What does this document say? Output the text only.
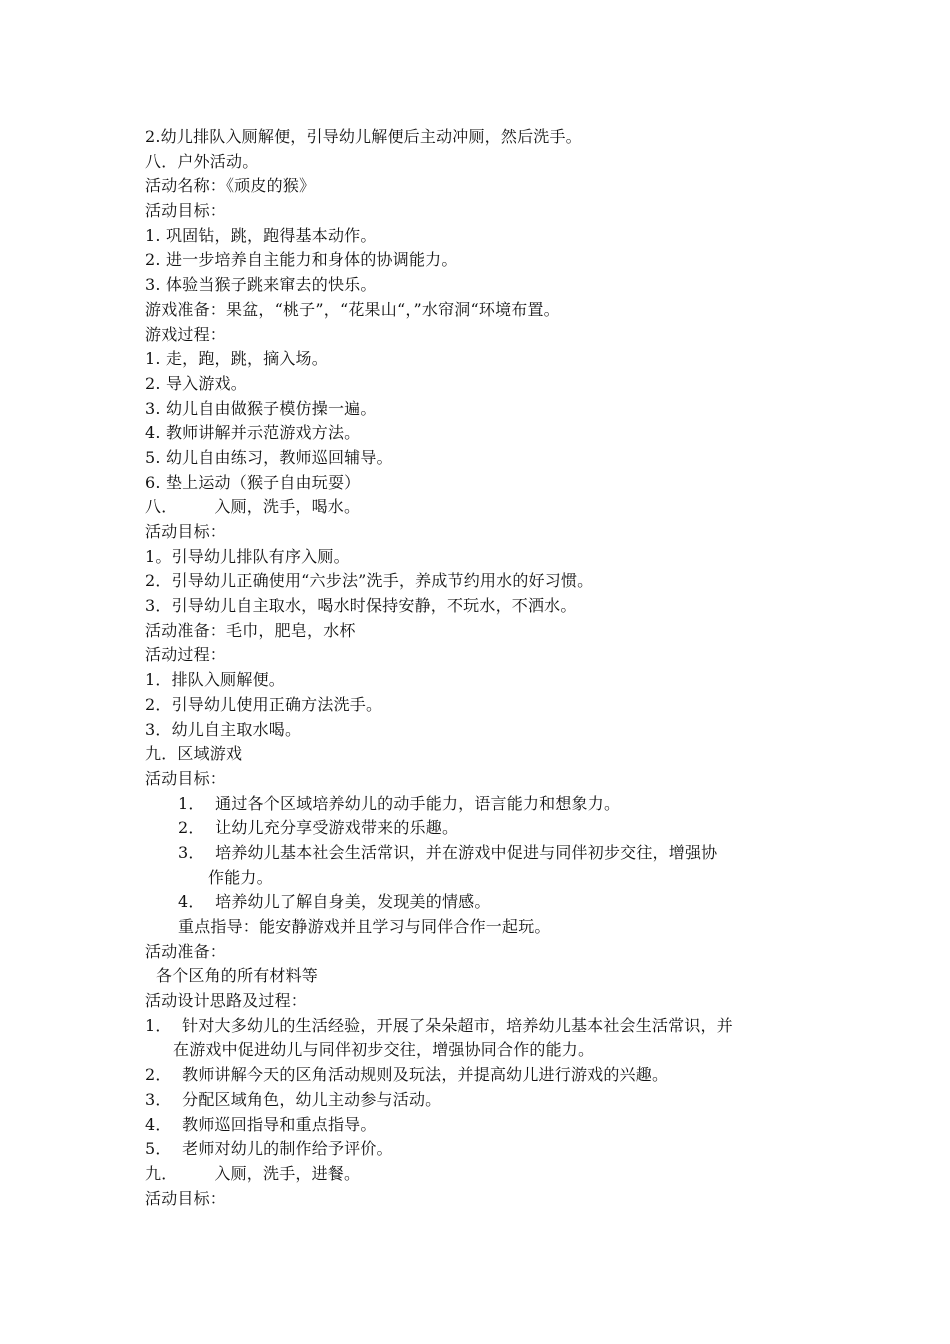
2.幼儿排队入厕解便，引导幼儿解便后主动冲厕，然后洗手。
八．户外活动。
活动名称：《顽皮的猴》
活动目标：
1. 巩固钻，跳，跑得基本动作。
2. 进一步培养自主能力和身体的协调能力。
3. 体验当猴子跳来窜去的快乐。
游戏准备：果盆，“桃子”，“花果山“，”水帘洞“环境布置。
游戏过程：
1. 走，跑，跳，摘入场。
2. 导入游戏。
3. 幼儿自由做猴子模仿操一遍。
4. 教师讲解并示范游戏方法。
5. 幼儿自由练习，教师巡回辅导。
6. 垫上运动（猴子自由玩耍）
八．       入厕，洗手，喝水。
活动目标：
1。引导幼儿排队有序入厕。
2．引导幼儿正确使用“六步法”洗手，养成节约用水的好习惯。
3．引导幼儿自主取水，喝水时保持安静，不玩水，不洒水。
活动准备：毛巾，肥皂，水杯
活动过程：
1．排队入厕解便。
2．引导幼儿使用正确方法洗手。
3．幼儿自主取水喝。
九．区域游戏
活动目标：
1．  通过各个区域培养幼儿的动手能力，语言能力和想象力。
2．  让幼儿充分享受游戏带来的乐趣。
3．  培养幼儿基本社会生活常识，并在游戏中促进与同伴初步交往，增强协
作能力。
4．  培养幼儿了解自身美，发现美的情感。
重点指导：能安静游戏并且学习与同伴合作一起玩。
活动准备：
各个区角的所有材料等
活动设计思路及过程：
1．  针对大多幼儿的生活经验，开展了朵朵超市，培养幼儿基本社会生活常识，并
在游戏中促进幼儿与同伴初步交往，增强协同合作的能力。
2．  教师讲解今天的区角活动规则及玩法，并提高幼儿进行游戏的兴趣。
3．  分配区域角色，幼儿主动参与活动。
4．  教师巡回指导和重点指导。
5．  老师对幼儿的制作给予评价。
九．       入厕，洗手，进餐。
活动目标：
